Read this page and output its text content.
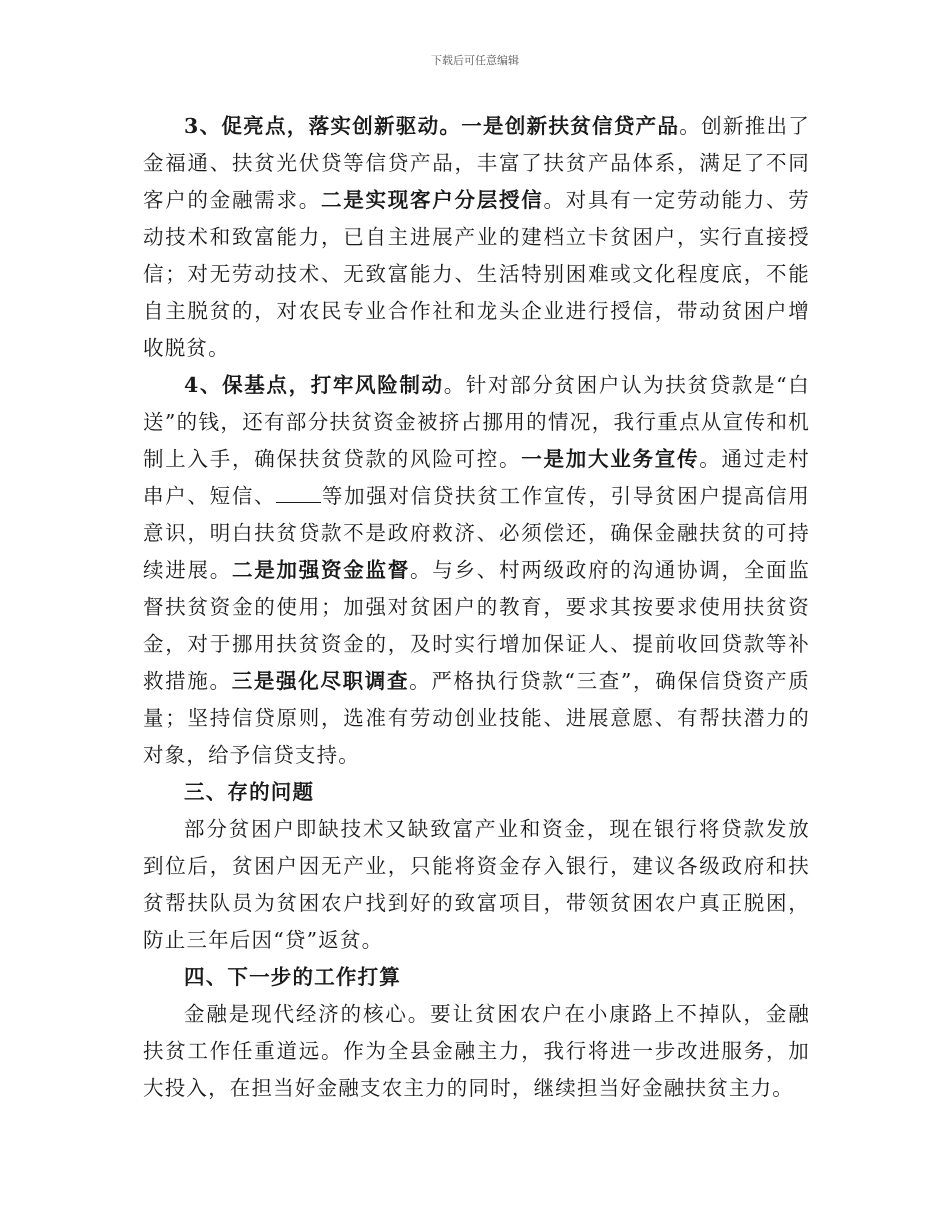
下载后可任意编辑

3、促亮点，落实创新驱动。一是创新扶贫信贷产品。创新推出了金福通、扶贫光伏贷等信贷产品，丰富了扶贫产品体系，满足了不同客户的金融需求。二是实现客户分层授信。对具有一定劳动能力、劳动技术和致富能力，已自主进展产业的建档立卡贫困户，实行直接授信；对无劳动技术、无致富能力、生活特别困难或文化程度底，不能自主脱贫的，对农民专业合作社和龙头企业进行授信，带动贫困户增收脱贫。

4、保基点，打牢风险制动。针对部分贫困户认为扶贫贷款是“白送”的钱，还有部分扶贫资金被挤占挪用的情况，我行重点从宣传和机制上入手，确保扶贫贷款的风险可控。一是加大业务宣传。通过走村串户、短信、 等加强对信贷扶贫工作宣传，引导贫困户提高信用意识，明白扶贫贷款不是政府救济、必须偿还，确保金融扶贫的可持续进展。二是加强资金监督。与乡、村两级政府的沟通协调，全面监督扶贫资金的使用；加强对贫困户的教育，要求其按要求使用扶贫资金，对于挪用扶贫资金的，及时实行增加保证人、提前收回贷款等补救措施。三是强化尽职调查。严格执行贷款“三查”，确保信贷资产质量；坚持信贷原则，选准有劳动创业技能、进展意愿、有帮扶潜力的对象，给予信贷支持。

三、存的问题

部分贫困户即缺技术又缺致富产业和资金，现在银行将贷款发放到位后，贫困户因无产业，只能将资金存入银行，建议各级政府和扶贫帮扶队员为贫困农户找到好的致富项目，带领贫困农户真正脱困，防止三年后因“贷”返贫。

四、下一步的工作打算

金融是现代经济的核心。要让贫困农户在小康路上不掉队，金融扶贫工作任重道远。作为全县金融主力，我行将进一步改进服务，加大投入，在担当好金融支农主力的同时，继续担当好金融扶贫主力。
